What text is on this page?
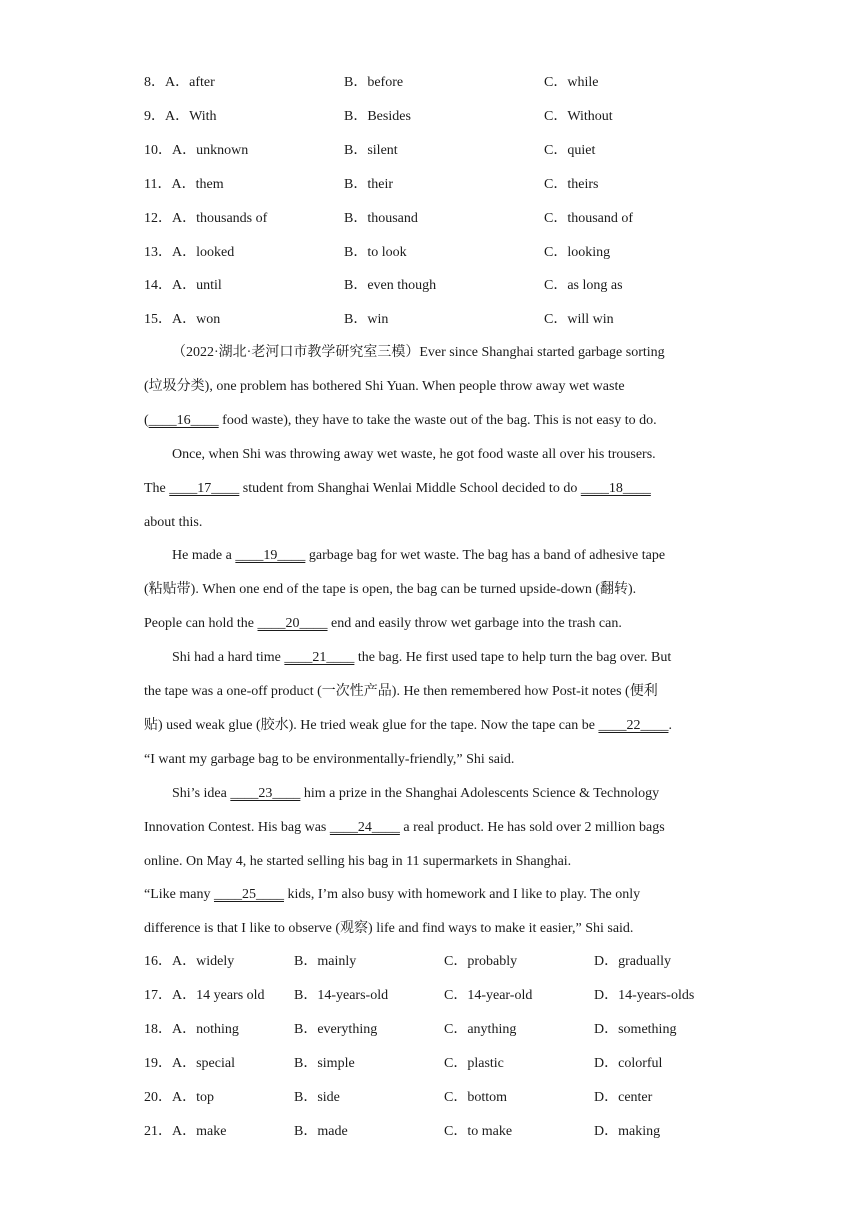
8．A．after	B．before	C．while
9．A．With	B．Besides	C．Without
10．A．unknown	B．silent	C．quiet
11．A．them	B．their	C．theirs
12．A．thousands of	B．thousand	C．thousand of
13．A．looked	B．to look	C．looking
14．A．until	B．even though	C．as long as
15．A．won	B．win	C．will win
（2022·湖北·老河口市教学研究室三模）Ever since Shanghai started garbage sorting
(垃圾分类), one problem has bothered Shi Yuan. When people throw away wet waste
(____16____ food waste), they have to take the waste out of the bag. This is not easy to do.
Once, when Shi was throwing away wet waste, he got food waste all over his trousers.
The ____17____ student from Shanghai Wenlai Middle School decided to do ____18____
about this.
He made a ____19____ garbage bag for wet waste. The bag has a band of adhesive tape
(粘贴带). When one end of the tape is open, the bag can be turned upside-down (翻转).
People can hold the ____20____ end and easily throw wet garbage into the trash can.
Shi had a hard time ____21____ the bag. He first used tape to help turn the bag over. But
the tape was a one-off product (一次性产品). He then remembered how Post-it notes (便利
贴) used weak glue (胶水). He tried weak glue for the tape. Now the tape can be ____22____.
“I want my garbage bag to be environmentally-friendly,” Shi said.
Shi’s idea ____23____ him a prize in the Shanghai Adolescents Science & Technology
Innovation Contest. His bag was ____24____ a real product. He has sold over 2 million bags
online. On May 4, he started selling his bag in 11 supermarkets in Shanghai.
“Like many ____25____ kids, I’m also busy with homework and I like to play. The only
difference is that I like to observe (观察) life and find ways to make it easier,” Shi said.
16．A．widely	B．mainly	C．probably	D．gradually
17．A．14 years old B．14-years-old	C．14-year-old	D．14-years-olds
18．A．nothing	B．everything	C．anything	D．something
19．A．special	B．simple	C．plastic	D．colorful
20．A．top	B．side	C．bottom	D．center
21．A．make	B．made	C．to make	D．making
